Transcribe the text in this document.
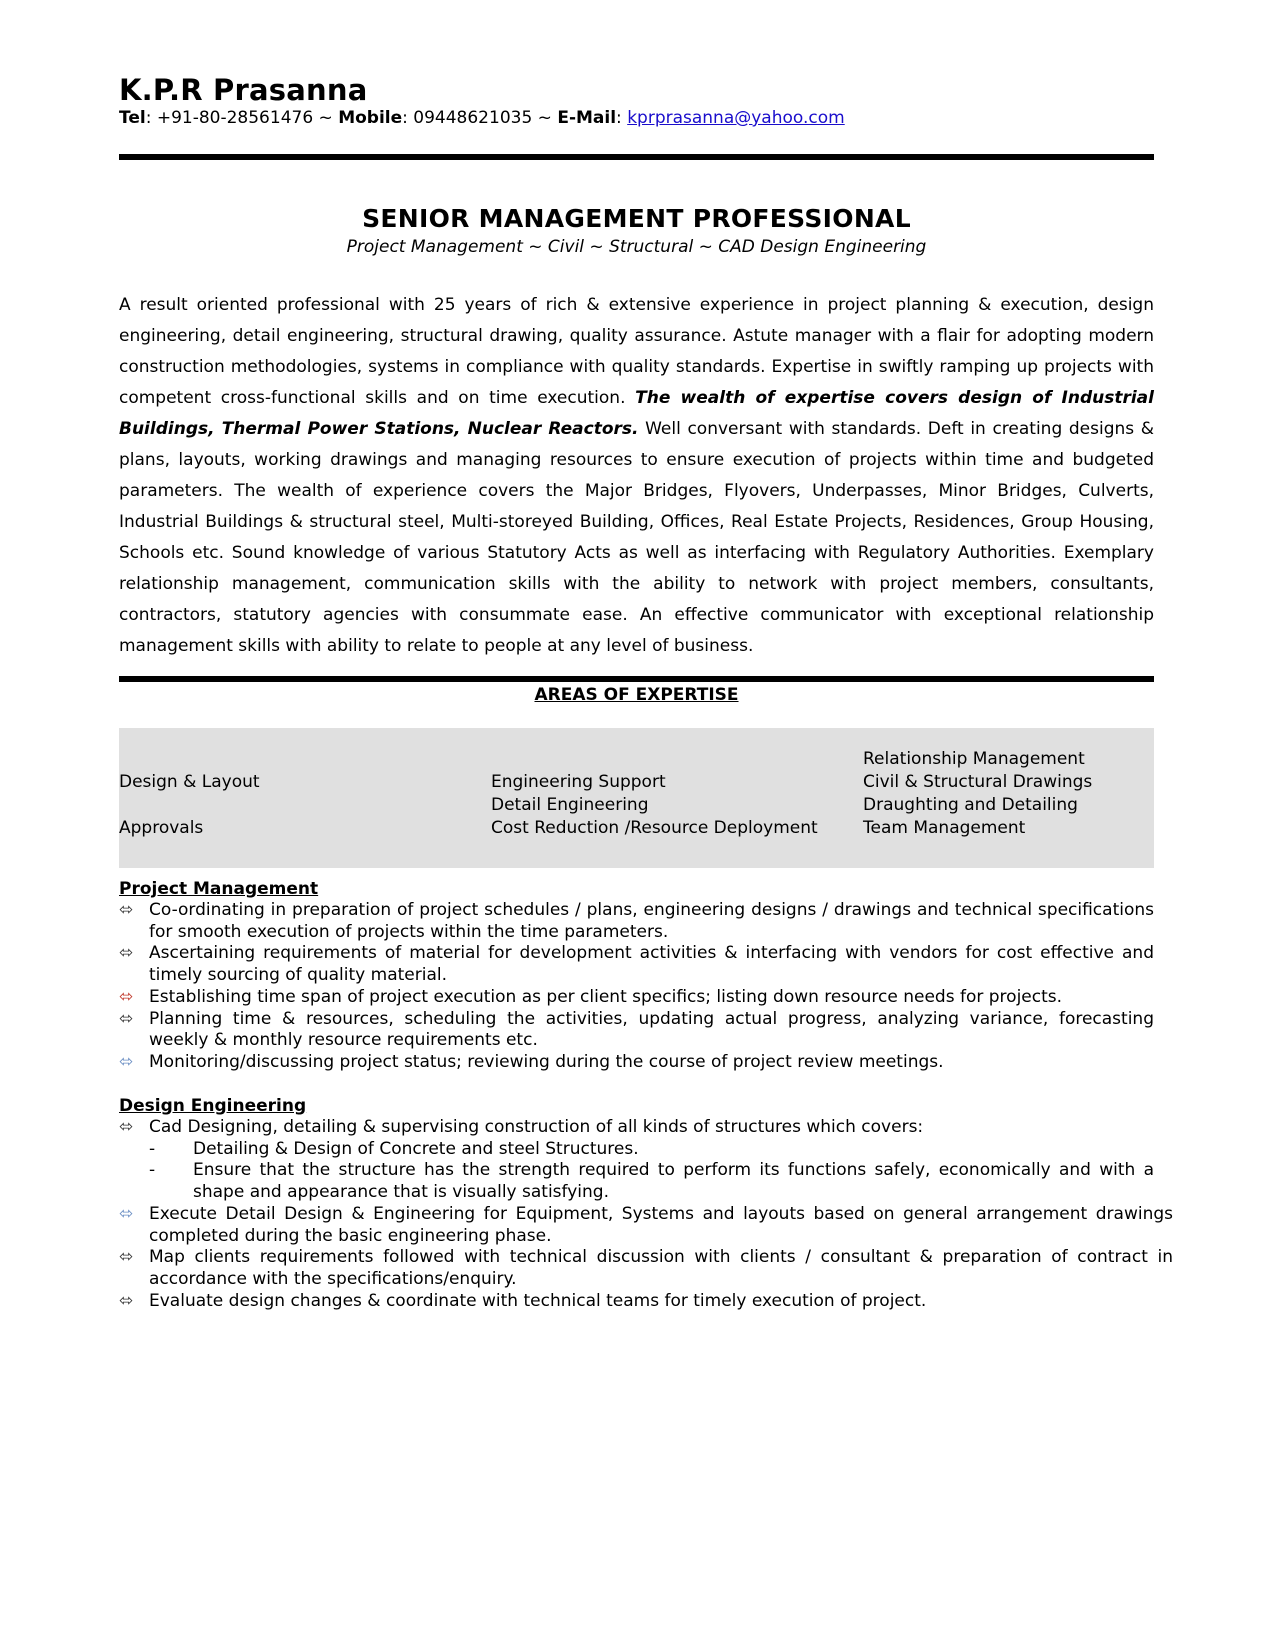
K.P.R Prasanna
Tel: +91-80-28561476 ~ Mobile: 09448621035 ~ E-Mail: kprprasanna@yahoo.com
SENIOR MANAGEMENT PROFESSIONAL
Project Management ~ Civil ~ Structural ~ CAD Design Engineering

A result oriented professional with 25 years of rich & extensive experience in project planning & execution, design engineering, detail engineering, structural drawing, quality assurance. Astute manager with a flair for adopting modern construction methodologies, systems in compliance with quality standards. Expertise in swiftly ramping up projects with competent cross-functional skills and on time execution. The wealth of expertise covers design of Industrial Buildings, Thermal Power Stations, Nuclear Reactors. Well conversant with standards. Deft in creating designs & plans, layouts, working drawings and managing resources to ensure execution of projects within time and budgeted parameters. The wealth of experience covers the Major Bridges, Flyovers, Underpasses, Minor Bridges, Culverts, Industrial Buildings & structural steel, Multi-storeyed Building, Offices, Real Estate Projects, Residences, Group Housing, Schools etc. Sound knowledge of various Statutory Acts as well as interfacing with Regulatory Authorities. Exemplary relationship management, communication skills with the ability to network with project members, consultants, contractors, statutory agencies with consummate ease. An effective communicator with exceptional relationship management skills with ability to relate to people at any level of business.

AREAS OF EXPERTISE
Design & Layout
Approvals
Engineering Support
Detail Engineering
Cost Reduction /Resource Deployment
Relationship Management
Civil & Structural Drawings
Draughting and Detailing
Team Management
Project Management
⬄ Co-ordinating in preparation of project schedules / plans, engineering designs / drawings and technical specifications for smooth execution of projects within the time parameters.
⬄ Ascertaining requirements of material for development activities & interfacing with vendors for cost effective and timely sourcing of quality material.
⬄ Establishing time span of project execution as per client specifics; listing down resource needs for projects.
⬄ Planning time & resources, scheduling the activities, updating actual progress, analyzing variance, forecasting weekly & monthly resource requirements etc.
⬄ Monitoring/discussing project status; reviewing during the course of project review meetings.
Design Engineering
⬄ Cad Designing, detailing & supervising construction of all kinds of structures which covers:
- Detailing & Design of Concrete and steel Structures.
- Ensure that the structure has the strength required to perform its functions safely, economically and with a shape and appearance that is visually satisfying.
⬄ Execute Detail Design & Engineering for Equipment, Systems and layouts based on general arrangement drawings completed during the basic engineering phase.
⬄ Map clients requirements followed with technical discussion with clients / consultant & preparation of contract in accordance with the specifications/enquiry.
⬄ Evaluate design changes & coordinate with technical teams for timely execution of project.
